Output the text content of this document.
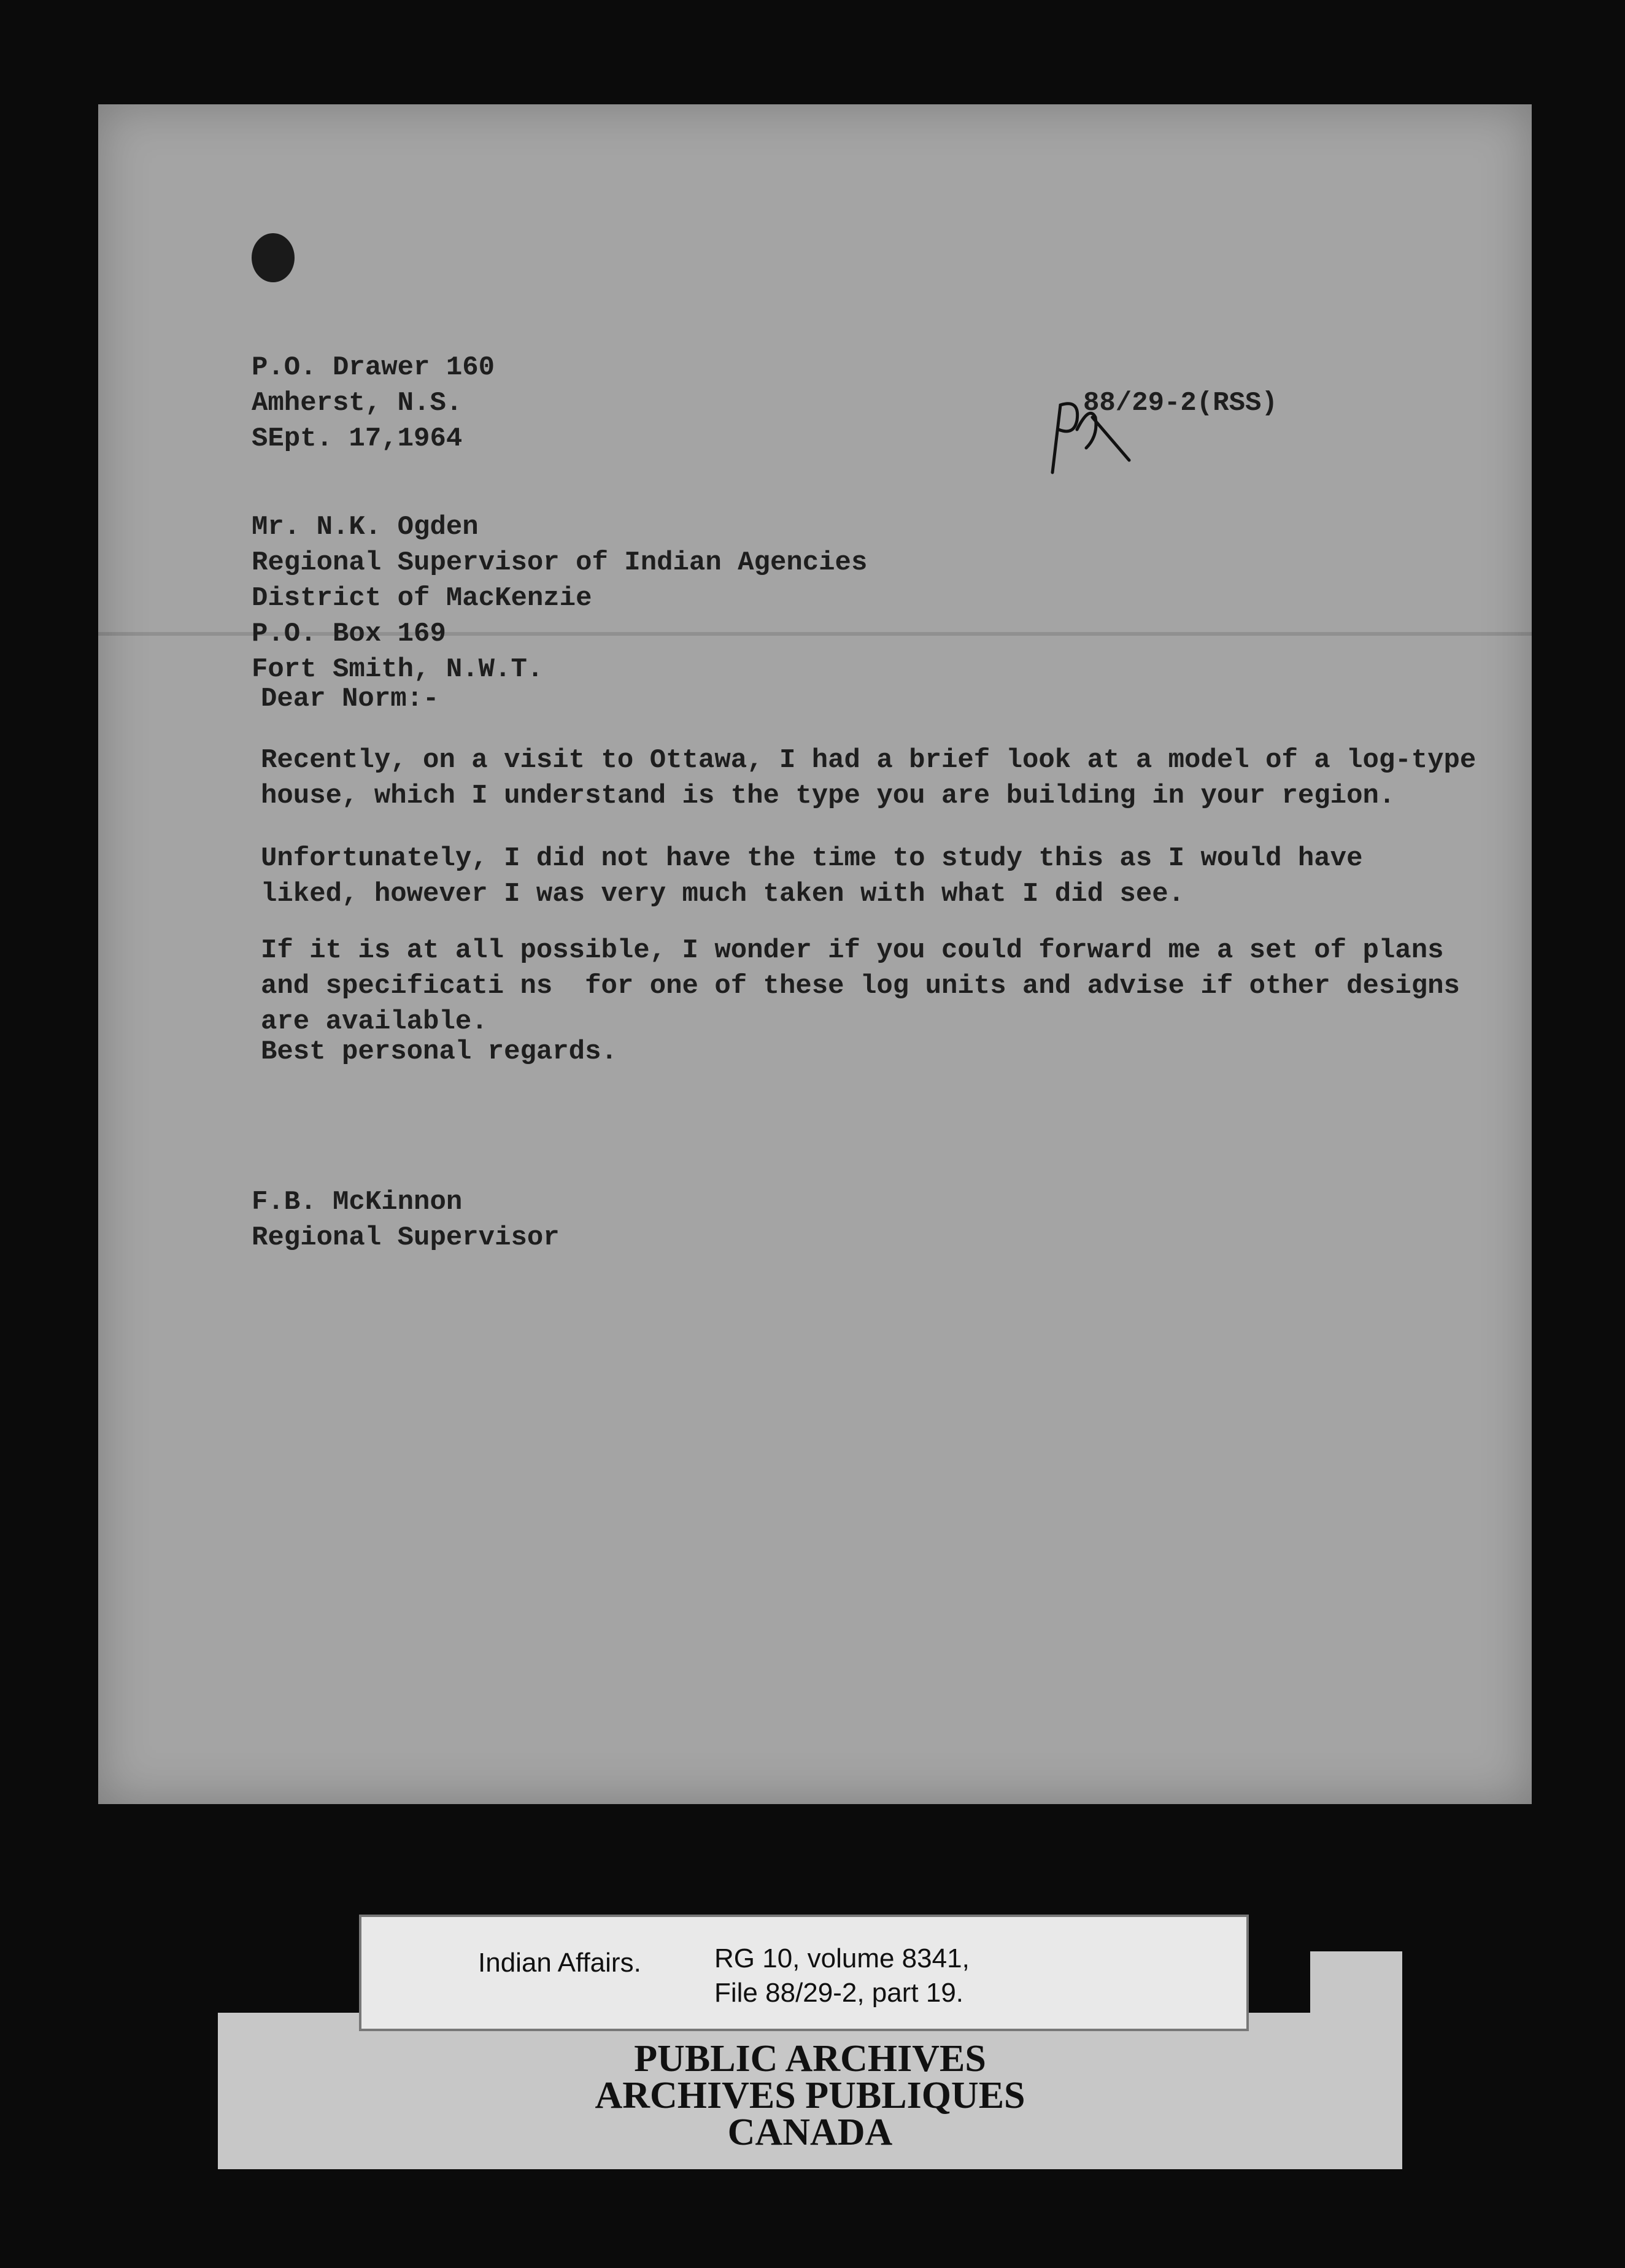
P.O. Drawer 160
Amherst, N.S.
SEpt. 17,1964
88/29-2(RSS)
Mr. N.K. Ogden
Regional Supervisor of Indian Agencies
District of MacKenzie
P.O. Box 169
Fort Smith, N.W.T.
Dear Norm:-
Recently, on a visit to Ottawa, I had a brief look at a model of a log-type
house, which I understand is the type you are building in your region.
Unfortunately, I did not have the time to study this as I would have
liked, however I was very much taken with what I did see.
If it is at all possible, I wonder if you could forward me a set of plans
and specificati ns  for one of these log units and advise if other designs
are available.
Best personal regards.
F.B. McKinnon
Regional Supervisor
Indian Affairs.	RG 10, volume 8341,
File 88/29-2, part 19.
PUBLIC ARCHIVES
ARCHIVES PUBLIQUES
CANADA
